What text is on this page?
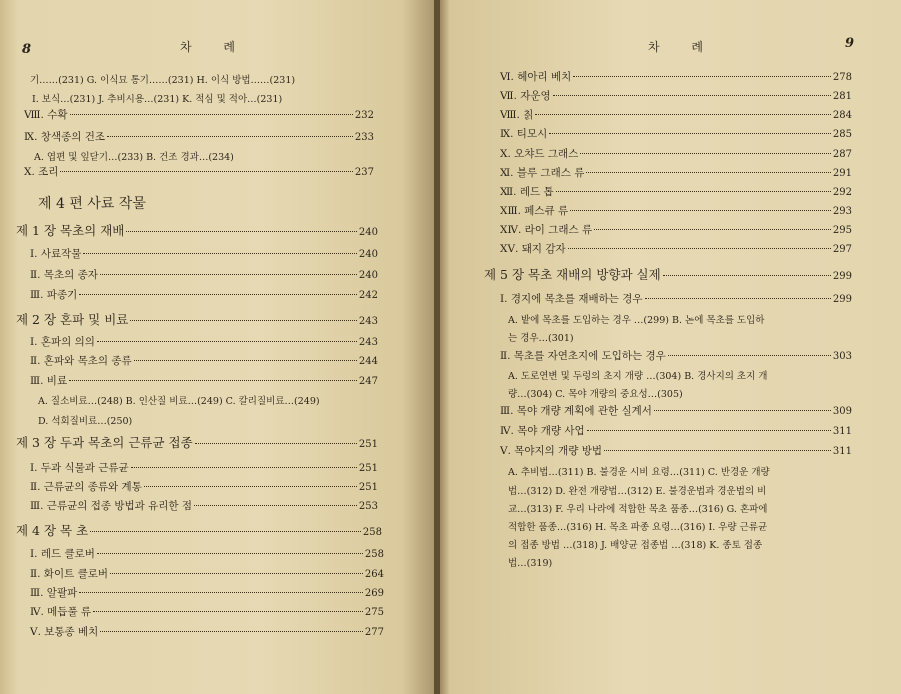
8	차 례
기……(231) G. 이식묘 통기……(231) H. 이식 방법……(231)
I. 보식…(231) J. 추비시용…(231) K. 적심 및 적아…(231)
Ⅷ. 수확	232
Ⅸ. 창색종의 건조	233
A. 엽편 및 잎닫기…(233) B. 건조 경과…(234)
Ⅹ. 조리	237
제 4 편 사료 작물
제 1 장 목초의 재배	240
Ⅰ. 사료작물	240
Ⅱ. 목초의 종자	240
Ⅲ. 파종기	242
제 2 장 혼파 및 비료	243
Ⅰ. 혼파의 의의	243
Ⅱ. 혼파와 목초의 종류	244
Ⅲ. 비료	247
A. 질소비료…(248) B. 인산질 비료…(249) C. 칼리질비료…(249)
D. 석회질비료…(250)
제 3 장 두과 목초의 근류균 접종	251
Ⅰ. 두과 식물과 근류균	251
Ⅱ. 근류균의 종류와 계통	251
Ⅲ. 근류균의 접종 방법과 유리한 점	253
제 4 장 목 초	258
Ⅰ. 레드 클로버	258
Ⅱ. 화이트 클로버	264
Ⅲ. 알팔파	269
Ⅳ. 메듭풀 류	275
Ⅴ. 보통종 베치	277
차 례	9
Ⅵ. 헤아리 베치	278
Ⅶ. 자운영	281
Ⅷ. 칡	284
Ⅸ. 티모시	285
Ⅹ. 오챠드 그래스	287
Ⅺ. 블루 그래스 류	291
Ⅻ. 레드 톱	292
ⅩⅢ. 페스큐 류	293
ⅩⅣ. 라이 그래스 류	295
ⅩⅤ. 돼지 감자	297
제 5 장 목초 재배의 방향과 실제	299
Ⅰ. 경지에 목초를 재배하는 경우	299
A. 밭에 목초를 도입하는 경우 …(299) B. 논에 목초를 도입하
는 경우…(301)
Ⅱ. 목초를 자연초지에 도입하는 경우	303
A. 도로연변 및 두렁의 초지 개량 …(304) B. 경사지의 초지 개
량…(304) C. 목야 개량의 중요성…(305)
Ⅲ. 목야 개량 계획에 관한 실계서	309
Ⅳ. 목야 개량 사업	311
Ⅴ. 목야지의 개량 방법	311
A. 추비법…(311) B. 불경운 시비 요령…(311) C. 반경운 개량
법…(312) D. 완전 개량법…(312) E. 불경운법과 경운법의 비
교…(313) F. 우리 나라에 적합한 목초 품종…(316) G. 혼파에
적합한 품종…(316) H. 목초 파종 요령…(316) I. 우량 근류균
의 접종 방법 …(318) J. 배양균 접종법 …(318) K. 종토 접종
법…(319)
